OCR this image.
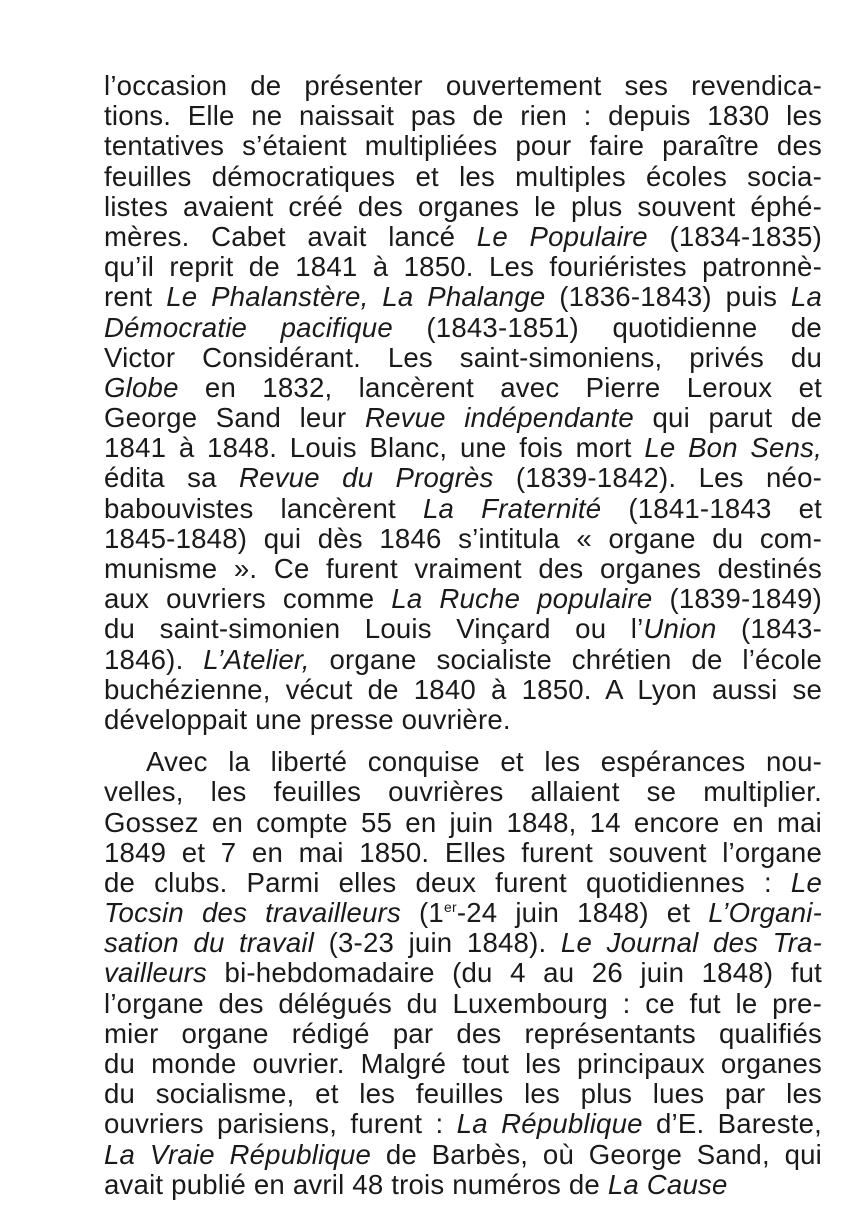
l’occasion de présenter ouvertement ses revendica-
tions. Elle ne naissait pas de rien : depuis 1830 les
tentatives s’étaient multipliées pour faire paraître des
feuilles démocratiques et les multiples écoles socia-
listes avaient créé des organes le plus souvent éphé-
mères. Cabet avait lancé Le Populaire (1834-1835)
qu’il reprit de 1841 à 1850. Les fouriéristes patronnè-
rent Le Phalanstère, La Phalange (1836-1843) puis La
Démocratie pacifique (1843-1851) quotidienne de
Victor Considérant. Les saint-simoniens, privés du
Globe en 1832, lancèrent avec Pierre Leroux et
George Sand leur Revue indépendante qui parut de
1841 à 1848. Louis Blanc, une fois mort Le Bon Sens,
édita sa Revue du Progrès (1839-1842). Les néo-
babouvistes lancèrent La Fraternité (1841-1843 et
1845-1848) qui dès 1846 s’intitula « organe du com-
munisme ». Ce furent vraiment des organes destinés
aux ouvriers comme La Ruche populaire (1839-1849)
du saint-simonien Louis Vinçard ou l’Union (1843-
1846). L’Atelier, organe socialiste chrétien de l’école
buchézienne, vécut de 1840 à 1850. A Lyon aussi se
développait une presse ouvrière.
Avec la liberté conquise et les espérances nou-
velles, les feuilles ouvrières allaient se multiplier.
Gossez en compte 55 en juin 1848, 14 encore en mai
1849 et 7 en mai 1850. Elles furent souvent l’organe
de clubs. Parmi elles deux furent quotidiennes : Le
Tocsin des travailleurs (1er-24 juin 1848) et L’Organi-
sation du travail (3-23 juin 1848). Le Journal des Tra-
vailleurs bi-hebdomadaire (du 4 au 26 juin 1848) fut
l’organe des délégués du Luxembourg : ce fut le pre-
mier organe rédigé par des représentants qualifiés
du monde ouvrier. Malgré tout les principaux organes
du socialisme, et les feuilles les plus lues par les
ouvriers parisiens, furent : La République d’E. Bareste,
La Vraie République de Barbès, où George Sand, qui
avait publié en avril 48 trois numéros de La Cause
